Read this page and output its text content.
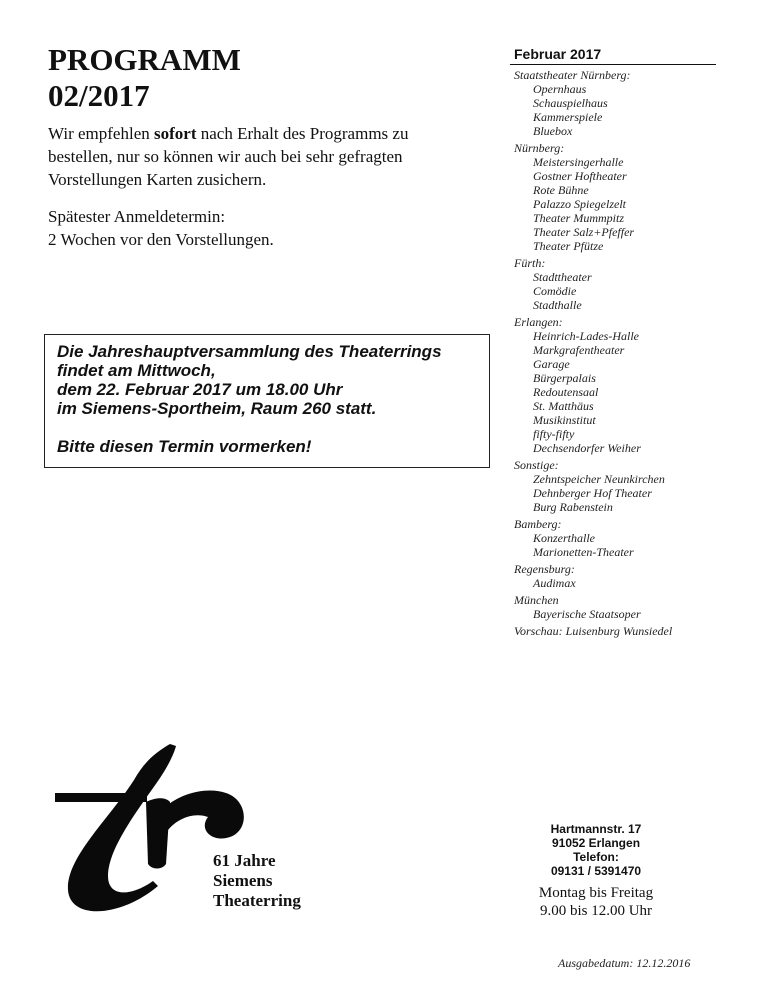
PROGRAMM
02/2017
Wir empfehlen sofort nach Erhalt des Programms zu
bestellen, nur so können wir auch bei sehr gefragten
Vorstellungen Karten zusichern.
Spätester Anmeldetermin:
2 Wochen vor den Vorstellungen.
Die Jahreshauptversammlung des Theaterrings
findet am Mittwoch,
dem 22. Februar 2017 um 18.00 Uhr
im Siemens-Sportheim, Raum 260 statt.
Bitte diesen Termin vormerken!
Februar 2017
Staatstheater Nürnberg:
Opernhaus
Schauspielhaus
Kammerspiele
Bluebox
Nürnberg:
Meistersingerhalle
Gostner Hoftheater
Rote Bühne
Palazzo Spiegelzelt
Theater Mummpitz
Theater Salz+Pfeffer
Theater Pfütze
Fürth:
Stadttheater
Comödie
Stadthalle
Erlangen:
Heinrich-Lades-Halle
Markgrafentheater
Garage
Bürgerpalais
Redoutensaal
St. Matthäus
Musikinstitut
fifty-fifty
Dechsendorfer Weiher
Sonstige:
Zehntspeicher Neunkirchen
Dehnberger Hof Theater
Burg Rabenstein
Bamberg:
Konzerthalle
Marionetten-Theater
Regensburg:
Audimax
München
Bayerische Staatsoper
Vorschau: Luisenburg Wunsiedel
61 Jahre
Siemens
Theaterring
Hartmannstr. 17
91052 Erlangen
Telefon:
09131 / 5391470
Montag bis Freitag
9.00 bis 12.00 Uhr
Ausgabedatum: 12.12.2016
